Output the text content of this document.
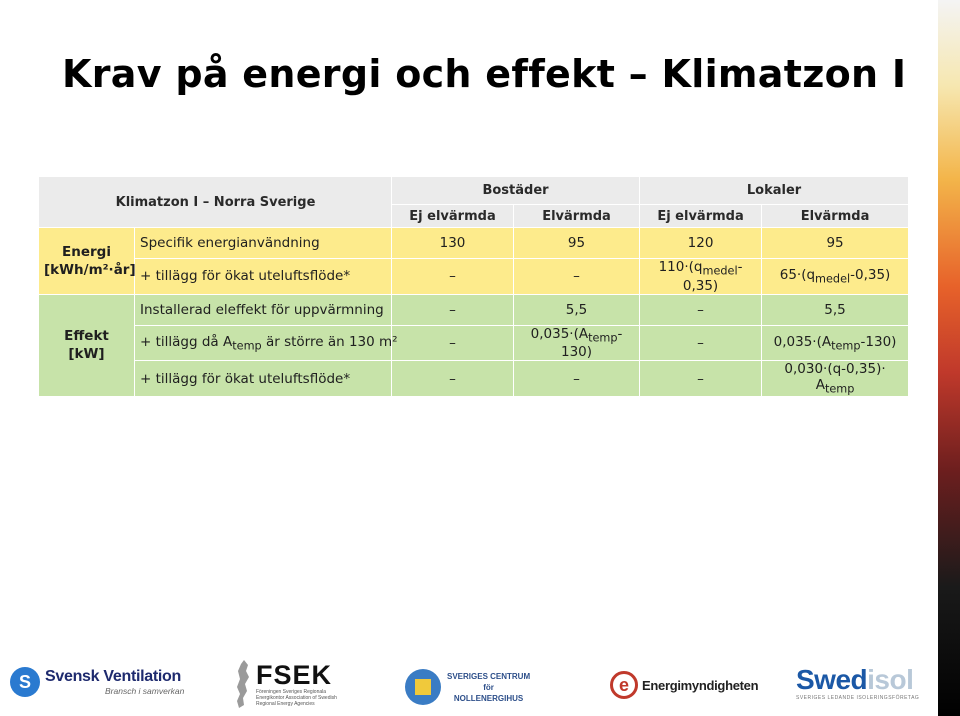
Krav på energi och effekt – Klimatzon I
Klimatzon I – Norra Sverige		Bostäder		Lokaler	
		Ej elvärmda	Elvärmda	Ej elvärmda	Elvärmda
Energi
[kWh/m²·år]	Specifik energianvändning	130	95	120	95
	+ tillägg för ökat uteluftsflöde*	–	–	$110\cdot(q_{medel}-0,35)$	$65\cdot(q_{medel}-0,35)$
Effekt
[kW]	Installerad eleffekt för uppvärmning	–	5,5	–	5,5
	+ tillägg då $A_{temp}$ är större än 130 m²	–	$0,035\cdot(A_{temp}-130)$	–	$0,035\cdot(A_{temp}-130)$
	+ tillägg för ökat uteluftsflöde*	–	–	–	$0,030\cdot(q-0,35)\cdot A_{temp}$
S Svensk Ventilation
Bransch i samverkan
FSEK
Föreningen Sveriges Regionala Energikontor Association of Swedish Regional Energy Agencies
SVERIGES CENTRUM
för
NOLLENERGIHUS
e	Energimyndigheten Swedisol
SVERIGES LEDANDE ISOLERINGSFÖRETAG
